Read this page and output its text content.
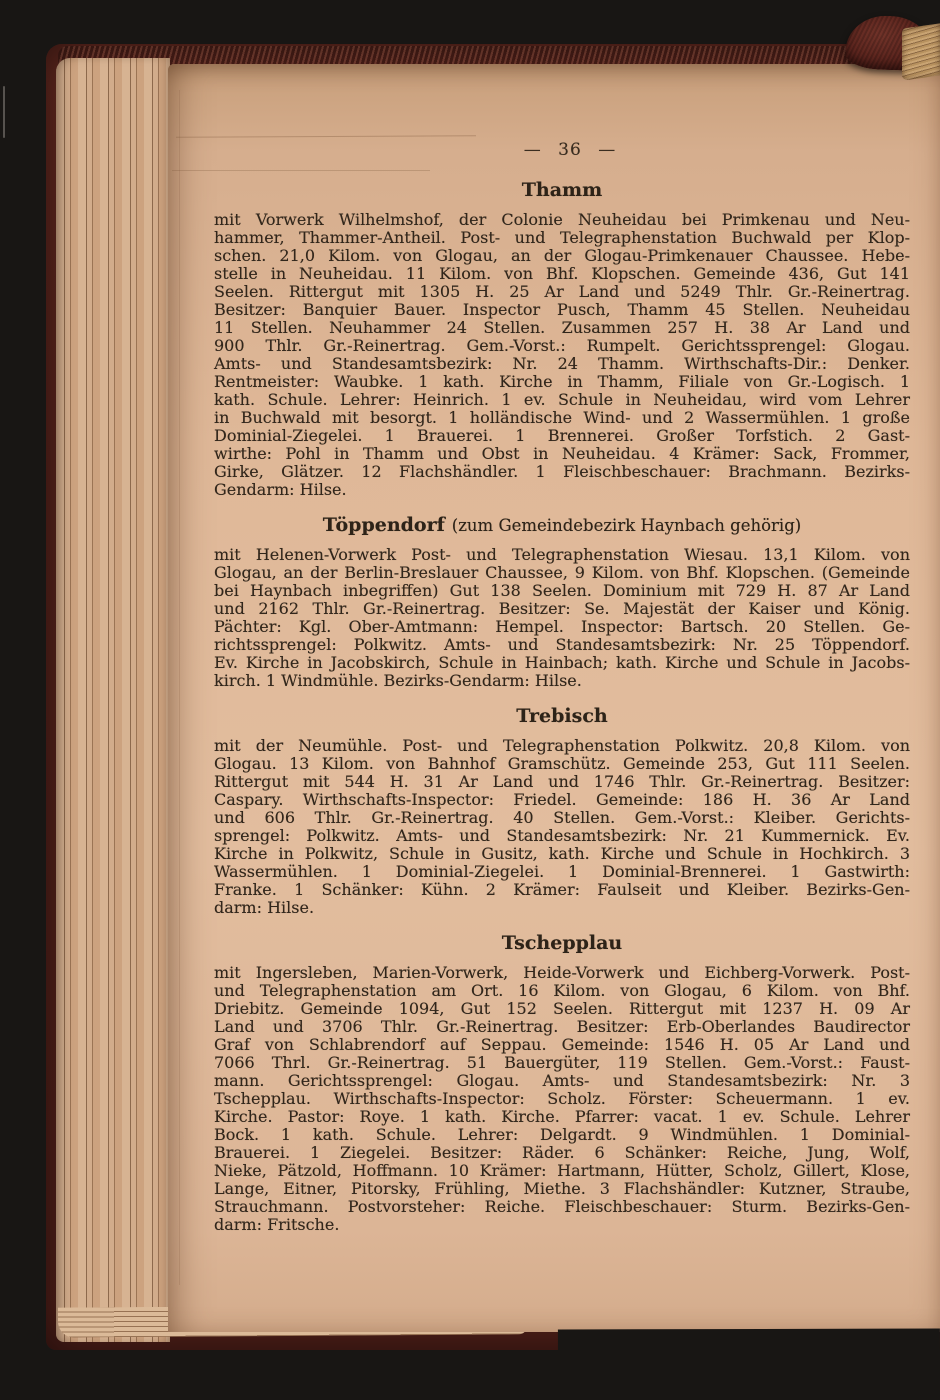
— 36 —
Thamm
mit Vorwerk Wilhelmshof, der Colonie Neuheidau bei Primkenau und Neu-
hammer, Thammer-Antheil. Post- und Telegraphenstation Buchwald per Klop-
schen. 21,0 Kilom. von Glogau, an der Glogau-Primkenauer Chaussee. Hebe-
stelle in Neuheidau. 11 Kilom. von Bhf. Klopschen. Gemeinde 436, Gut 141
Seelen. Rittergut mit 1305 H. 25 Ar Land und 5249 Thlr. Gr.-Reinertrag.
Besitzer: Banquier Bauer. Inspector Pusch, Thamm 45 Stellen. Neuheidau
11 Stellen. Neuhammer 24 Stellen. Zusammen 257 H. 38 Ar Land und
900 Thlr. Gr.-Reinertrag. Gem.-Vorst.: Rumpelt. Gerichtssprengel: Glogau.
Amts- und Standesamtsbezirk: Nr. 24 Thamm. Wirthschafts-Dir.: Denker.
Rentmeister: Waubke. 1 kath. Kirche in Thamm, Filiale von Gr.-Logisch. 1
kath. Schule. Lehrer: Heinrich. 1 ev. Schule in Neuheidau, wird vom Lehrer
in Buchwald mit besorgt. 1 holländische Wind- und 2 Wassermühlen. 1 große
Dominial-Ziegelei. 1 Brauerei. 1 Brennerei. Großer Torfstich. 2 Gast-
wirthe: Pohl in Thamm und Obst in Neuheidau. 4 Krämer: Sack, Frommer,
Girke, Glätzer. 12 Flachshändler. 1 Fleischbeschauer: Brachmann. Bezirks-
Gendarm: Hilse.
Töppendorf (zum Gemeindebezirk Haynbach gehörig)
mit Helenen-Vorwerk Post- und Telegraphenstation Wiesau. 13,1 Kilom. von
Glogau, an der Berlin-Breslauer Chaussee, 9 Kilom. von Bhf. Klopschen. (Gemeinde
bei Haynbach inbegriffen) Gut 138 Seelen. Dominium mit 729 H. 87 Ar Land
und 2162 Thlr. Gr.-Reinertrag. Besitzer: Se. Majestät der Kaiser und König.
Pächter: Kgl. Ober-Amtmann: Hempel. Inspector: Bartsch. 20 Stellen. Ge-
richtssprengel: Polkwitz. Amts- und Standesamtsbezirk: Nr. 25 Töppendorf.
Ev. Kirche in Jacobskirch, Schule in Hainbach; kath. Kirche und Schule in Jacobs-
kirch. 1 Windmühle. Bezirks-Gendarm: Hilse.
Trebisch
mit der Neumühle. Post- und Telegraphenstation Polkwitz. 20,8 Kilom. von
Glogau. 13 Kilom. von Bahnhof Gramschütz. Gemeinde 253, Gut 111 Seelen.
Rittergut mit 544 H. 31 Ar Land und 1746 Thlr. Gr.-Reinertrag. Besitzer:
Caspary. Wirthschafts-Inspector: Friedel. Gemeinde: 186 H. 36 Ar Land
und 606 Thlr. Gr.-Reinertrag. 40 Stellen. Gem.-Vorst.: Kleiber. Gerichts-
sprengel: Polkwitz. Amts- und Standesamtsbezirk: Nr. 21 Kummernick. Ev.
Kirche in Polkwitz, Schule in Gusitz, kath. Kirche und Schule in Hochkirch. 3
Wassermühlen. 1 Dominial-Ziegelei. 1 Dominial-Brennerei. 1 Gastwirth:
Franke. 1 Schänker: Kühn. 2 Krämer: Faulseit und Kleiber. Bezirks-Gen-
darm: Hilse.
Tschepplau
mit Ingersleben, Marien-Vorwerk, Heide-Vorwerk und Eichberg-Vorwerk. Post-
und Telegraphenstation am Ort. 16 Kilom. von Glogau, 6 Kilom. von Bhf.
Driebitz. Gemeinde 1094, Gut 152 Seelen. Rittergut mit 1237 H. 09 Ar
Land und 3706 Thlr. Gr.-Reinertrag. Besitzer: Erb-Oberlandes Baudirector
Graf von Schlabrendorf auf Seppau. Gemeinde: 1546 H. 05 Ar Land und
7066 Thrl. Gr.-Reinertrag. 51 Bauergüter, 119 Stellen. Gem.-Vorst.: Faust-
mann. Gerichtssprengel: Glogau. Amts- und Standesamtsbezirk: Nr. 3
Tschepplau. Wirthschafts-Inspector: Scholz. Förster: Scheuermann. 1 ev.
Kirche. Pastor: Roye. 1 kath. Kirche. Pfarrer: vacat. 1 ev. Schule. Lehrer
Bock. 1 kath. Schule. Lehrer: Delgardt. 9 Windmühlen. 1 Dominial-
Brauerei. 1 Ziegelei. Besitzer: Räder. 6 Schänker: Reiche, Jung, Wolf,
Nieke, Pätzold, Hoffmann. 10 Krämer: Hartmann, Hütter, Scholz, Gillert, Klose,
Lange, Eitner, Pitorsky, Frühling, Miethe. 3 Flachshändler: Kutzner, Straube,
Strauchmann. Postvorsteher: Reiche. Fleischbeschauer: Sturm. Bezirks-Gen-
darm: Fritsche.
